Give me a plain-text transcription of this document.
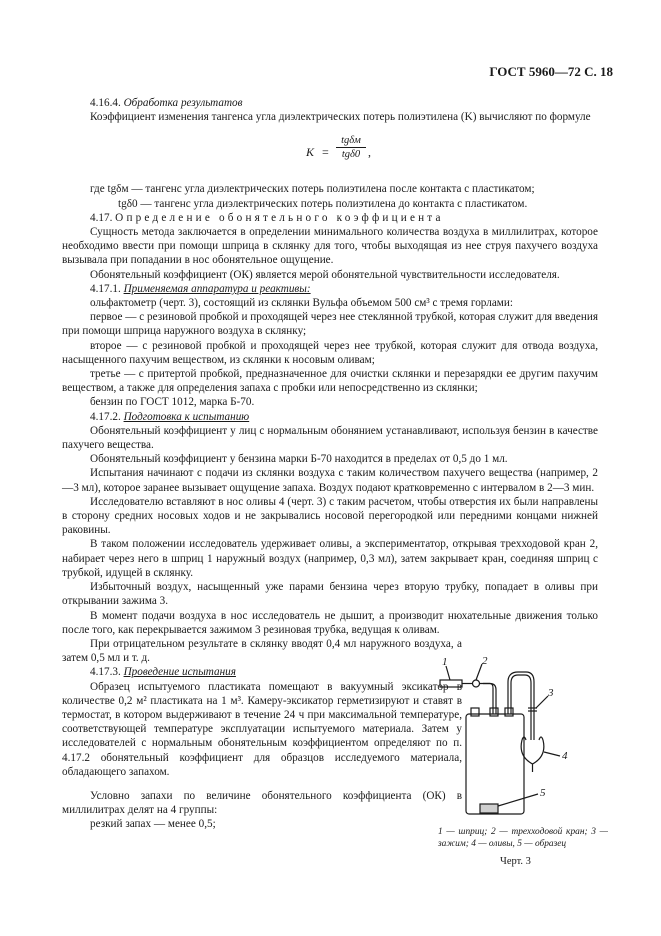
ГОСТ 5960—72 С. 18

4.16.4. Обработка результатов

Коэффициент изменения тангенса угла диэлектрических потерь полиэтилена (K) вычисляют по формуле

K =
tgδм
tgδ0 ,

где tgδм — тангенс угла диэлектрических потерь полиэтилена после контакта с пластикатом;

tgδ0 — тангенс угла диэлектрических потерь полиэтилена до контакта с пластикатом.

4.17. Определение обонятельного коэффициента

Сущность метода заключается в определении минимального количества воздуха в миллилитрах, которое необходимо ввести при помощи шприца в склянку для того, чтобы выходящая из нее струя пахучего воздуха вызывала при попадании в нос обонятельное ощущение.

Обонятельный коэффициент (ОК) является мерой обонятельной чувствительности исследователя.

4.17.1. Применяемая аппаратура и реактивы:

ольфактометр (черт. 3), состоящий из склянки Вульфа объемом 500 см³ с тремя горлами:

первое — с резиновой пробкой и проходящей через нее стеклянной трубкой, которая служит для введения при помощи шприца наружного воздуха в склянку;

второе — с резиновой пробкой и проходящей через нее трубкой, которая служит для отвода воздуха, насыщенного пахучим веществом, из склянки к носовым оливам;

третье — с притертой пробкой, предназначенное для очистки склянки и перезарядки ее другим пахучим веществом, а также для определения запаха с пробки или непосредственно из склянки;

бензин по ГОСТ 1012, марка Б-70.

4.17.2. Подготовка к испытанию

Обонятельный коэффициент у лиц с нормальным обонянием устанавливают, используя бензин в качестве пахучего вещества.

Обонятельный коэффициент у бензина марки Б-70 находится в пределах от 0,5 до 1 мл.

Испытания начинают с подачи из склянки воздуха с таким количеством пахучего вещества (например, 2—3 мл), которое заранее вызывает ощущение запаха. Воздух подают кратковременно с интервалом в 2—3 мин.

Исследователю вставляют в нос оливы 4 (черт. 3) с таким расчетом, чтобы отверстия их были направлены в сторону средних носовых ходов и не закрывались носовой перегородкой или передними концами нижней раковины.

В таком положении исследователь удерживает оливы, а экспериментатор, открывая трехходовой кран 2, набирает через него в шприц 1 наружный воздух (например, 0,3 мл), затем закрывает кран, соединяя шприц с трубкой, идущей в склянку.

Избыточный воздух, насыщенный уже парами бензина через вторую трубку, попадает в оливы при открывании зажима 3.

В момент подачи воздуха в нос исследователь не дышит, а производит нюхательные движения только после того, как перекрывается зажимом 3 резиновая трубка, ведущая к оливам.

При отрицательном результате в склянку вводят 0,4 мл наружного воздуха, а затем 0,5 мл и т. д.

4.17.3. Проведение испытания

Образец испытуемого пластиката помещают в вакуумный эксикатор в количестве 0,2 м² пластиката на 1 м³. Камеру-эксикатор герметизируют и ставят в термостат, в котором выдерживают в течение 24 ч при максимальной температуре, соответствующей температуре эксплуатации испытуемого материала. Затем у исследователей с нормальным обонятельным коэффициентом определяют по п. 4.17.2 обонятельный коэффициент для образцов исследуемого материала, обладающего запахом.

Условно запахи по величине обонятельного коэффициента (ОК) в миллилитрах делят на 4 группы:

резкий запах — менее 0,5;

1	2
3
4
5
1 — шприц; 2 — трехходовой кран; 3 — зажим; 4 — оливы, 5 — образец
Черт. 3
